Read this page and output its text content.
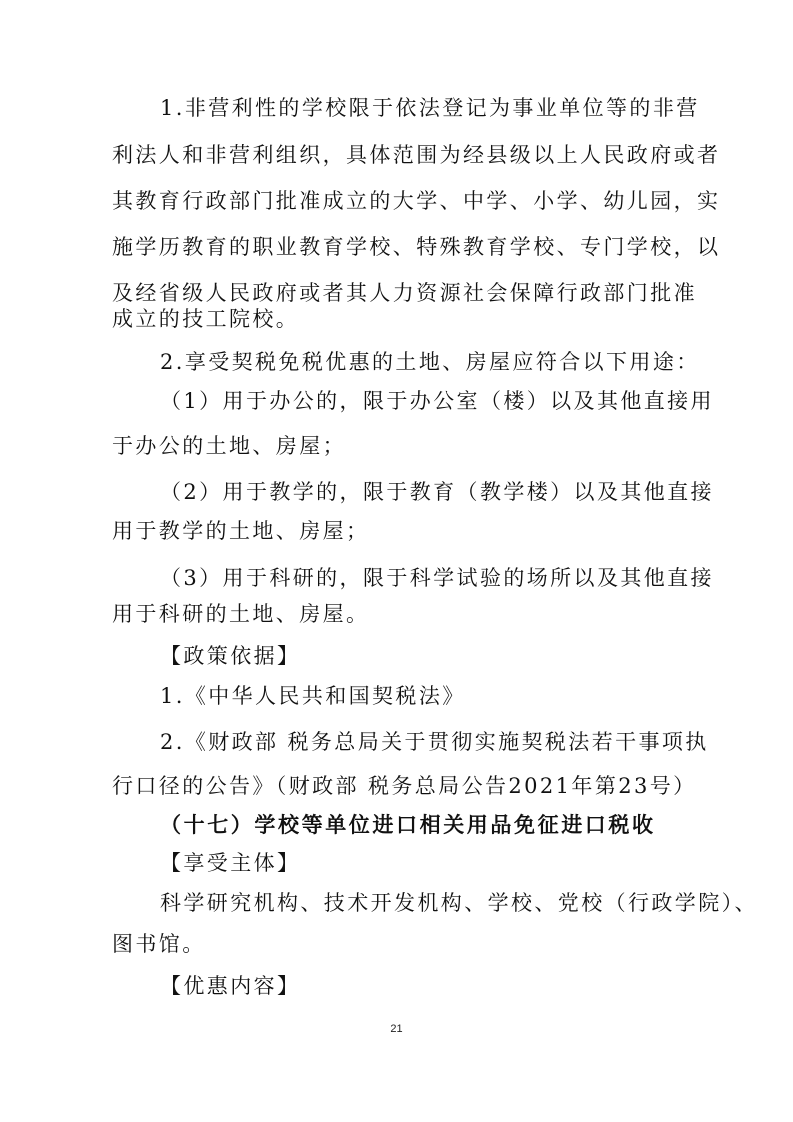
1.非营利性的学校限于依法登记为事业单位等的非营
利法人和非营利组织，具体范围为经县级以上人民政府或者
其教育行政部门批准成立的大学、中学、小学、幼儿园，实
施学历教育的职业教育学校、特殊教育学校、专门学校，以
及经省级人民政府或者其人力资源社会保障行政部门批准
成立的技工院校。
2.享受契税免税优惠的土地、房屋应符合以下用途：
（1）用于办公的，限于办公室（楼）以及其他直接用
于办公的土地、房屋；
（2）用于教学的，限于教育（教学楼）以及其他直接
用于教学的土地、房屋；
（3）用于科研的，限于科学试验的场所以及其他直接
用于科研的土地、房屋。
【政策依据】
1.《中华人民共和国契税法》
2.《财政部 税务总局关于贯彻实施契税法若干事项执
行口径的公告》（财政部 税务总局公告2021年第23号）
（十七）学校等单位进口相关用品免征进口税收
【享受主体】
科学研究机构、技术开发机构、学校、党校（行政学院）、
图书馆。
【优惠内容】
21
